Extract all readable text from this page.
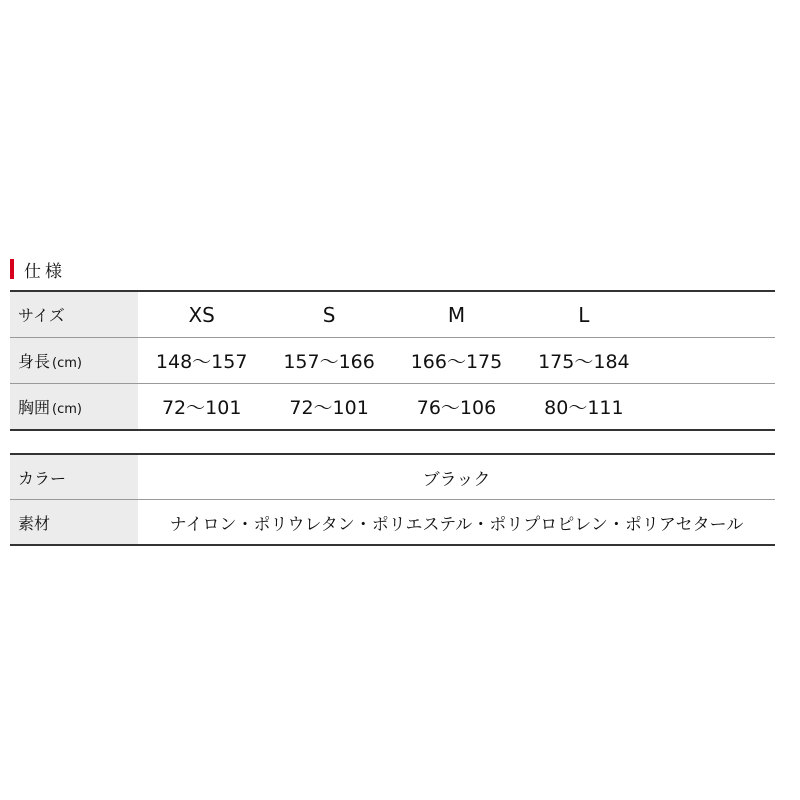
仕様
サイズ	XS	S	M	L	
身長 (cm)	148〜157	157〜166	166〜175	175〜184	
胸囲 (cm)	72〜101	72〜101	76〜106	80〜111	
カラー	ブラック
素材	ナイロン・ポリウレタン・ポリエステル・ポリプロピレン・ポリアセタール
